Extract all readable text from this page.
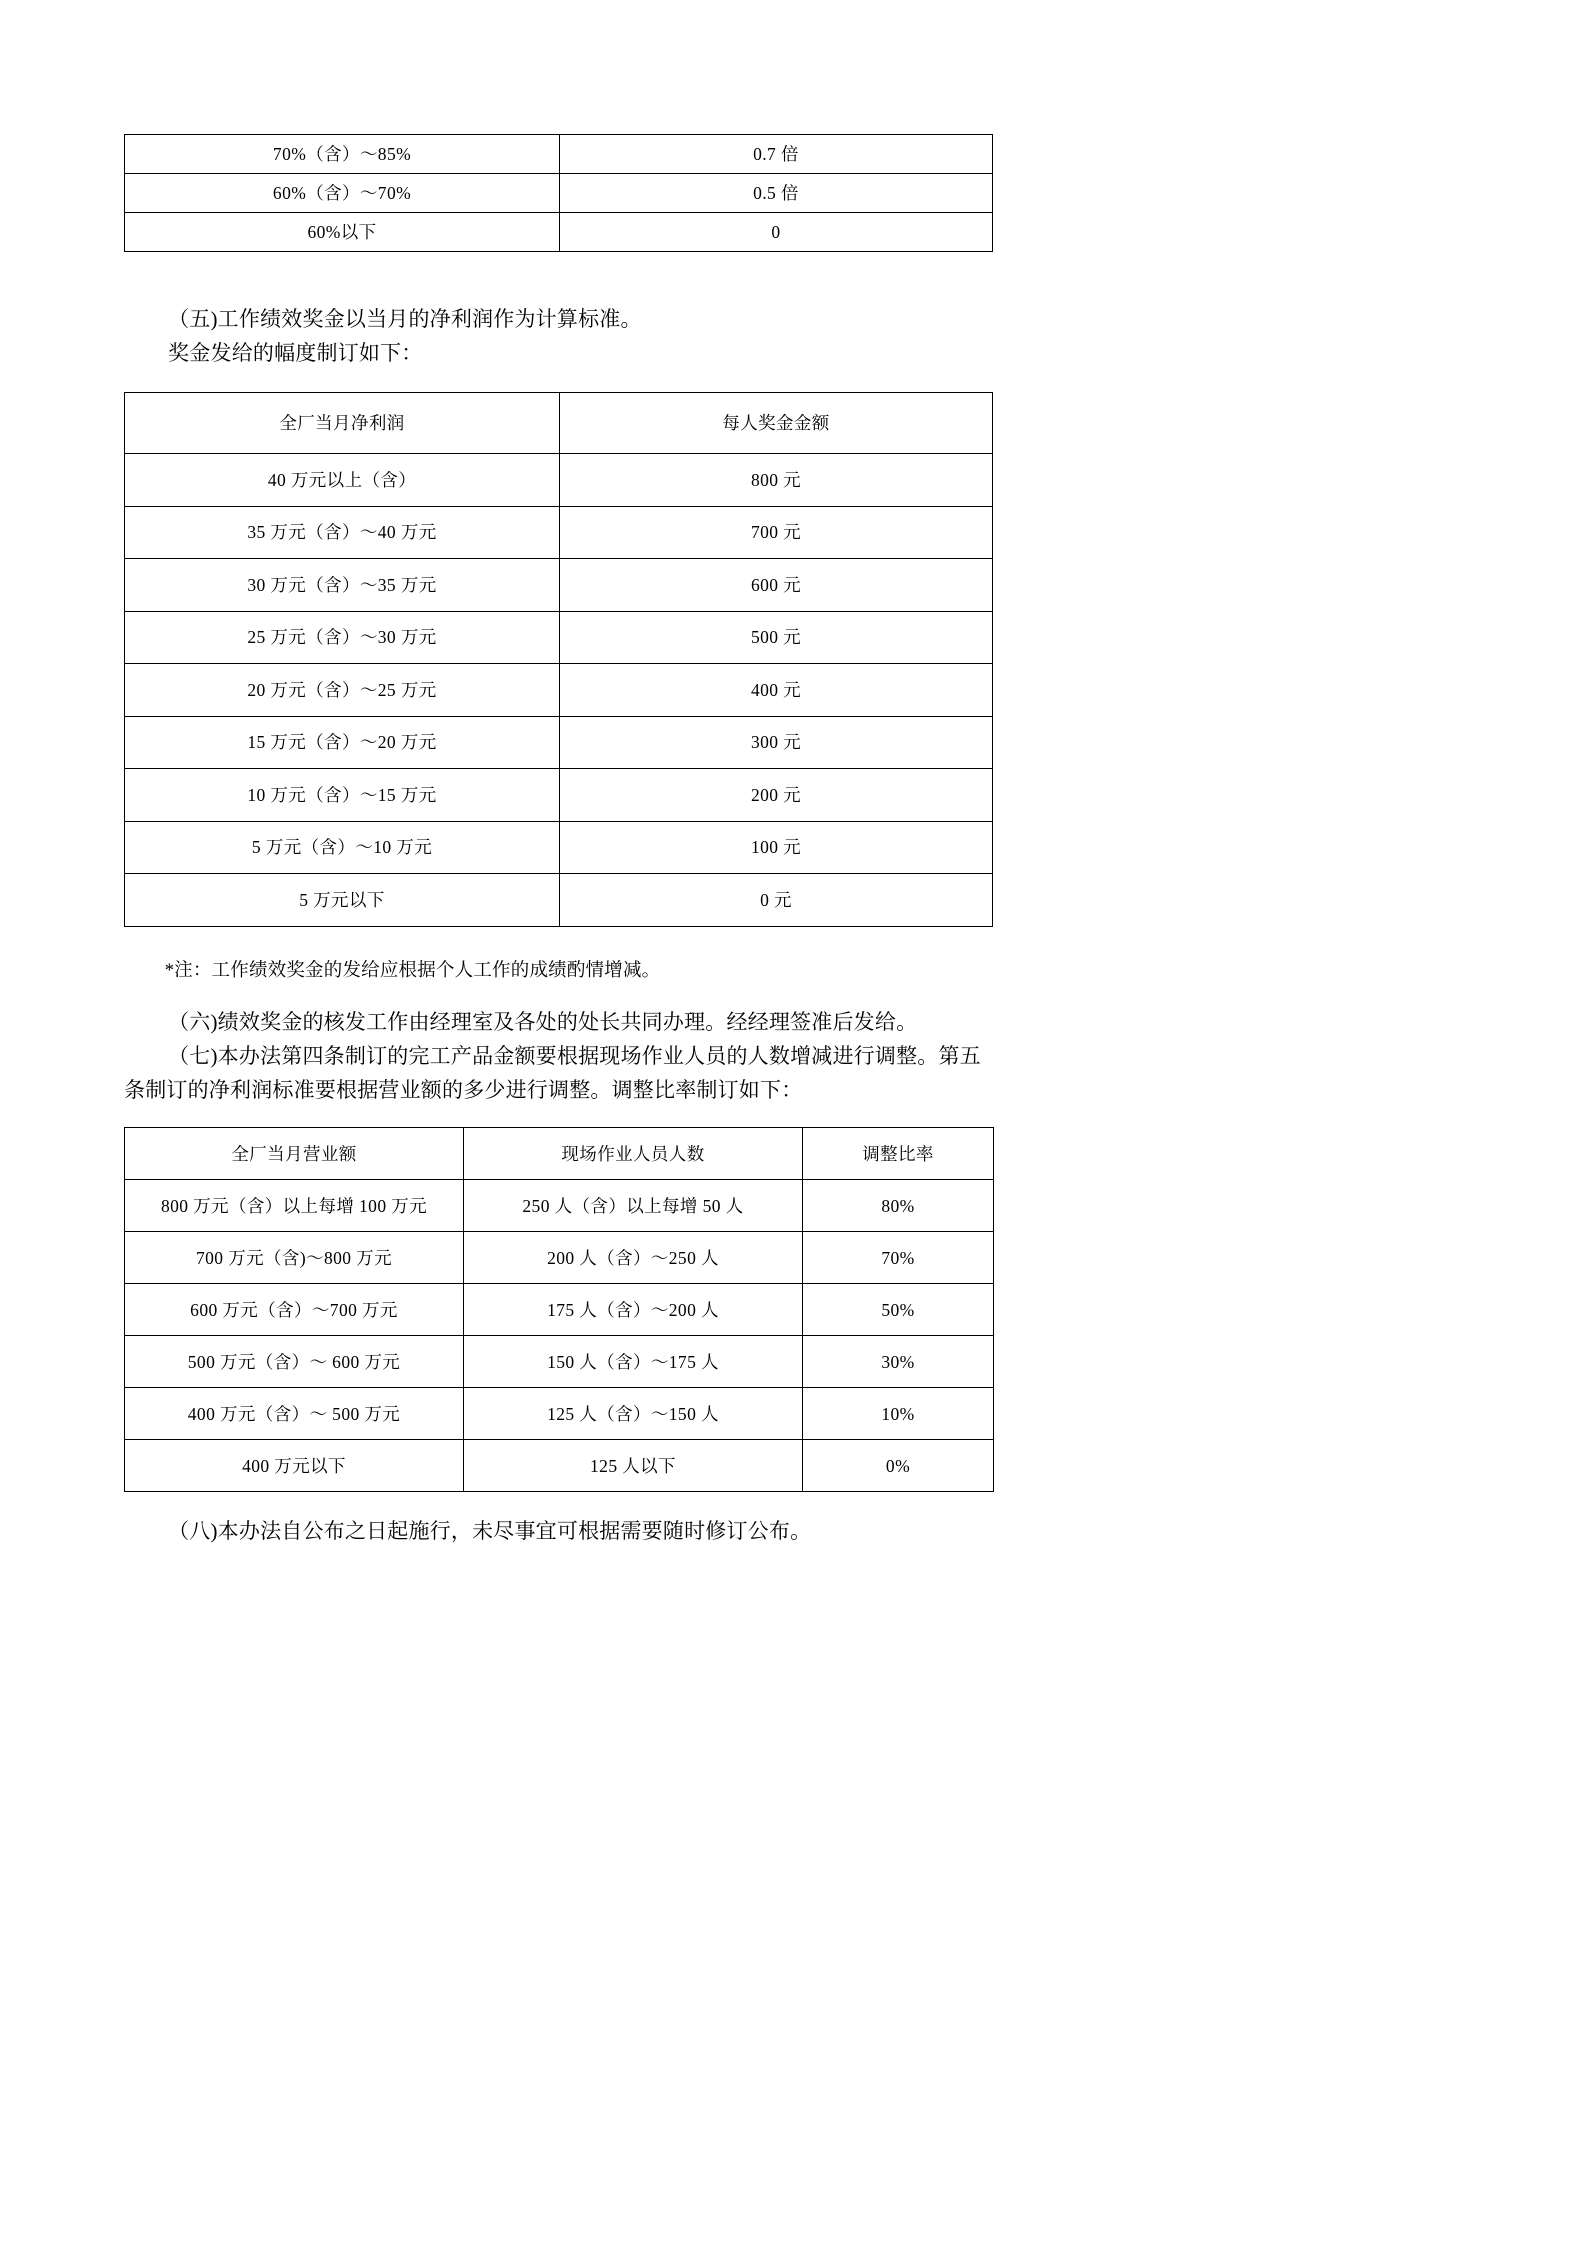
70%（含）～85%	0.7 倍
60%（含）～70%	0.5 倍
60%以下	0

（五)工作绩效奖金以当月的净利润作为计算标准。

奖金发给的幅度制订如下：

全厂当月净利润	每人奖金金额
40 万元以上（含）	800 元
35 万元（含）～40 万元	700 元
30 万元（含）～35 万元	600 元
25 万元（含）～30 万元	500 元
20 万元（含）～25 万元	400 元
15 万元（含）～20 万元	300 元
10 万元（含）～15 万元	200 元
5 万元（含）～10 万元	100 元
5 万元以下	0 元

*注：工作绩效奖金的发给应根据个人工作的成绩酌情增减。

（六)绩效奖金的核发工作由经理室及各处的处长共同办理。经经理签准后发给。

（七)本办法第四条制订的完工产品金额要根据现场作业人员的人数增减进行调整。第五

条制订的净利润标准要根据营业额的多少进行调整。调整比率制订如下：

全厂当月营业额	现场作业人员人数	调整比率
800 万元（含）以上每增 100 万元	250 人（含）以上每增 50 人	80%
700 万元（含)～800 万元	200 人（含）～250 人	70%
600 万元（含）～700 万元	175 人（含）～200 人	50%
500 万元（含）～ 600 万元	150 人（含）～175 人	30%
400 万元（含）～ 500 万元	125 人（含）～150 人	10%
400 万元以下	125 人以下	0%

（八)本办法自公布之日起施行，未尽事宜可根据需要随时修订公布。
